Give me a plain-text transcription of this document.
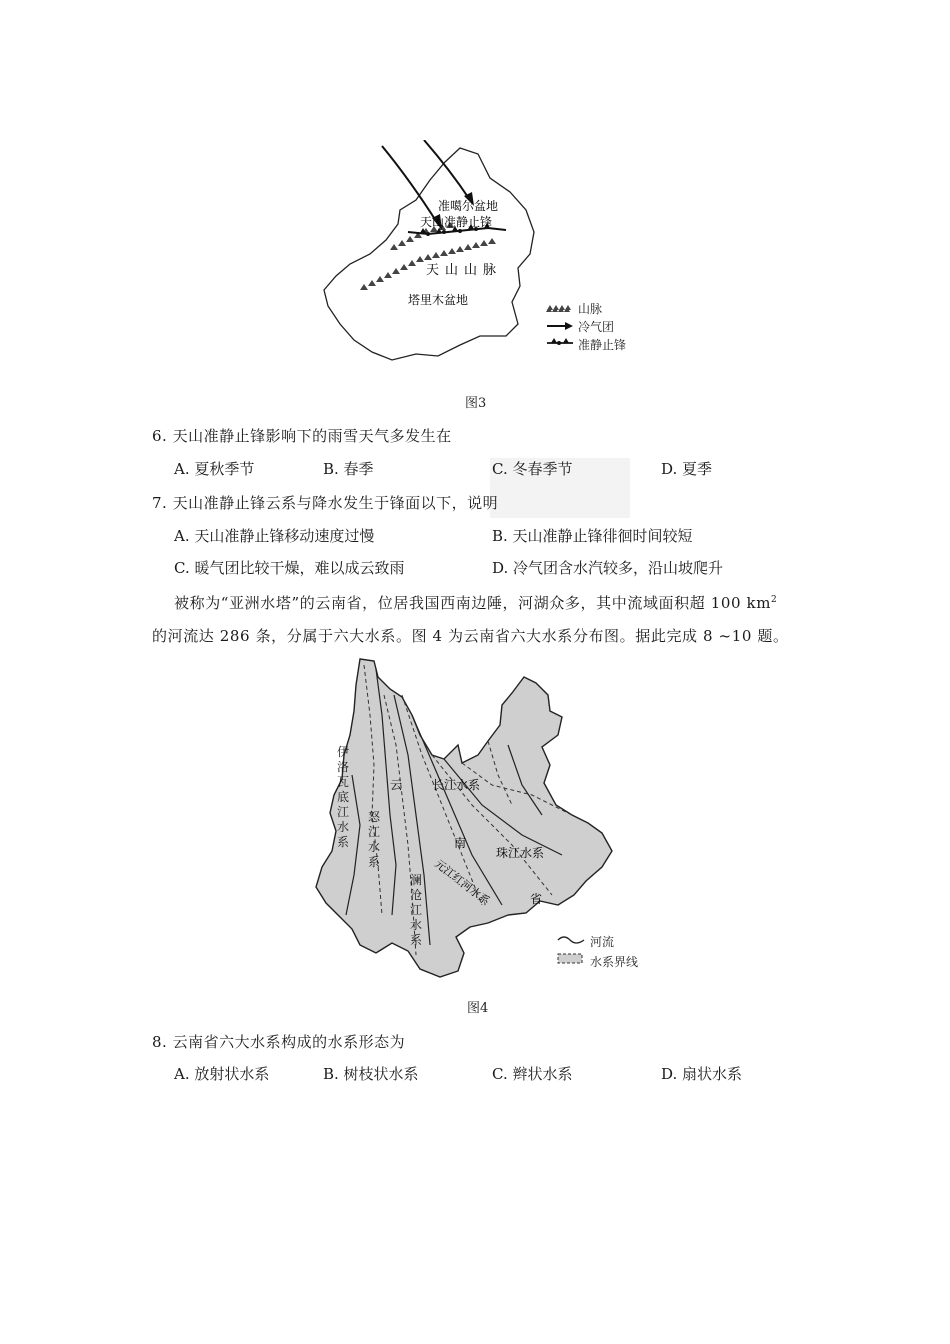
准噶尔盆地
天山准静止锋
天山山脉
塔里木盆地
山脉
冷气团
准静止锋
图3
6. 天山准静止锋影响下的雨雪天气多发生在
A. 夏秋季节	B. 春季	C. 冬春季节	D. 夏季
7. 天山准静止锋云系与降水发生于锋面以下，说明
A. 天山准静止锋移动速度过慢	B. 天山准静止锋徘徊时间较短
C. 暖气团比较干燥，难以成云致雨	D. 冷气团含水汽较多，沿山坡爬升
被称为“亚洲水塔”的云南省，位居我国西南边陲，河湖众多，其中流域面积超 100 $km^2$
的河流达 286 条，分属于六大水系。图 4 为云南省六大水系分布图。据此完成 8 ~10 题。
云
南
省
长江水系
珠江水系
元江红河水系
伊洛瓦底江水系
怒江水系
澜沧江水系	河流
水系界线
图4
8. 云南省六大水系构成的水系形态为
A. 放射状水系	B. 树枝状水系	C. 辫状水系	D. 扇状水系
